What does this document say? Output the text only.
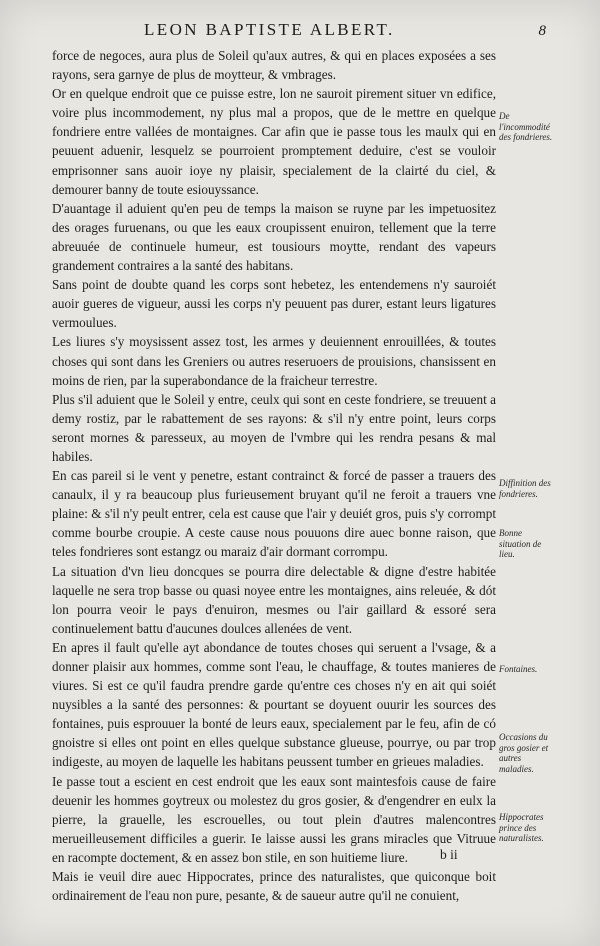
LEON BAPTISTE ALBERT.	8

force de negoces, aura plus de Soleil qu'aux autres, & qui en places exposées a ses rayons, sera garnye de plus de moytteur, & vmbrages.

Or en quelque endroit que ce puisse estre, lon ne sauroit pirement situer vn edifice, voire plus incommodement, ny plus mal a propos, que de le mettre en quelque fondriere entre vallées de montaignes. Car afin que ie passe tous les maulx qui en peuuent aduenir, lesquelz se pourroient promptement deduire, c'est se vouloir emprisonner sans auoir ioye ny plaisir, specialement de la clairté du ciel, & demourer banny de toute esiouyssance.

D'auantage il aduient qu'en peu de temps la maison se ruyne par les impetuositez des orages furuenans, ou que les eaux croupissent enuiron, tellement que la terre abreuuée de continuele humeur, est tousiours moytte, rendant des vapeurs grandement contraires a la santé des habitans.

Sans point de doubte quand les corps sont hebetez, les entendemens n'y sauroiét auoir gueres de vigueur, aussi les corps n'y peuuent pas durer, estant leurs ligatures vermoulues.

Les liures s'y moysissent assez tost, les armes y deuiennent enrouillées, & toutes choses qui sont dans les Greniers ou autres reseruoers de prouisions, chansissent en moins de rien, par la superabondance de la fraicheur terrestre.

Plus s'il aduient que le Soleil y entre, ceulx qui sont en ceste fondriere, se treuuent a demy rostiz, par le rabattement de ses rayons: & s'il n'y entre point, leurs corps seront mornes & paresseux, au moyen de l'vmbre qui les rendra pesans & mal habiles.

En cas pareil si le vent y penetre, estant contrainct & forcé de passer a trauers des canaulx, il y ra beaucoup plus furieusement bruyant qu'il ne feroit a trauers vne plaine: & s'il n'y peult entrer, cela est cause que l'air y deuiét gros, puis s'y corrompt comme bourbe croupie. A ceste cause nous pouuons dire auec bonne raison, que teles fondrieres sont estangz ou maraiz d'air dormant corrompu.

La situation d'vn lieu doncques se pourra dire delectable & digne d'estre habitée laquelle ne sera trop basse ou quasi noyee entre les montaignes, ains releuée, & dót lon pourra veoir le pays d'enuiron, mesmes ou l'air gaillard & essoré sera continuelement battu d'aucunes doulces allenées de vent.

En apres il fault qu'elle ayt abondance de toutes choses qui seruent a l'vsage, & a donner plaisir aux hommes, comme sont l'eau, le chauffage, & toutes manieres de viures. Si est ce qu'il faudra prendre garde qu'entre ces choses n'y en ait qui soiét nuysibles a la santé des personnes: & pourtant se doyuent ouurir les sources des fontaines, puis esprouuer la bonté de leurs eaux, specialement par le feu, afin de có gnoistre si elles ont point en elles quelque substance glueuse, pourrye, ou par trop indigeste, au moyen de laquelle les habitans peussent tumber en grieues maladies.

Ie passe tout a escient en cest endroit que les eaux sont maintesfois cause de faire deuenir les hommes goytreux ou molestez du gros gosier, & d'engendrer en eulx la pierre, la grauelle, les escrouelles, ou tout plein d'autres malencontres merueilleusement difficiles a guerir. Ie laisse aussi les grans miracles que Vitruue en racompte doctement, & en assez bon stile, en son huitieme liure.

Mais ie veuil dire auec Hippocrates, prince des naturalistes, que quiconque boit ordinairement de l'eau non pure, pesante, & de saueur autre qu'il ne conuient,

De l'incommodité des fondrieres.
Diffinition des fondrieres.
Bonne situation de lieu.
Fontaines.
Occasions du gros gosier et autres maladies.
Hippocrates prince des naturalistes.
b ii
